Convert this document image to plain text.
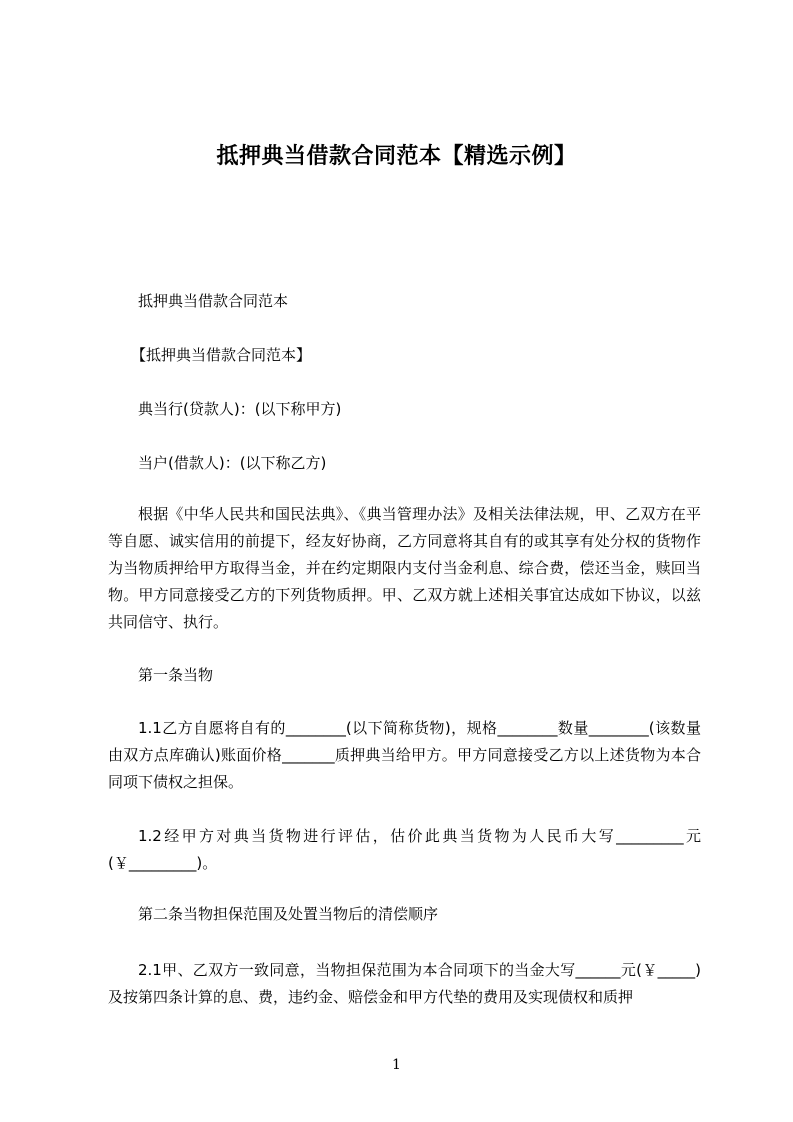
抵押典当借款合同范本【精选示例】
抵押典当借款合同范本
【抵押典当借款合同范本】
典当行(贷款人)：(以下称甲方)
当户(借款人)：(以下称乙方)
根据《中华人民共和国民法典》、《典当管理办法》及相关法律法规，甲、乙双方在平等自愿、诚实信用的前提下，经友好协商，乙方同意将其自有的或其享有处分权的货物作为当物质押给甲方取得当金，并在约定期限内支付当金利息、综合费，偿还当金，赎回当物。甲方同意接受乙方的下列货物质押。甲、乙双方就上述相关事宜达成如下协议，以兹共同信守、执行。
第一条当物
1.1乙方自愿将自有的________(以下简称货物)，规格________数量________(该数量由双方点库确认)账面价格_______质押典当给甲方。甲方同意接受乙方以上述货物为本合同项下债权之担保。
1.2经甲方对典当货物进行评估，估价此典当货物为人民币大写_________元(￥_________)。
第二条当物担保范围及处置当物后的清偿顺序
2.1甲、乙双方一致同意，当物担保范围为本合同项下的当金大写______元(￥_____)及按第四条计算的息、费，违约金、赔偿金和甲方代垫的费用及实现债权和质押
1
